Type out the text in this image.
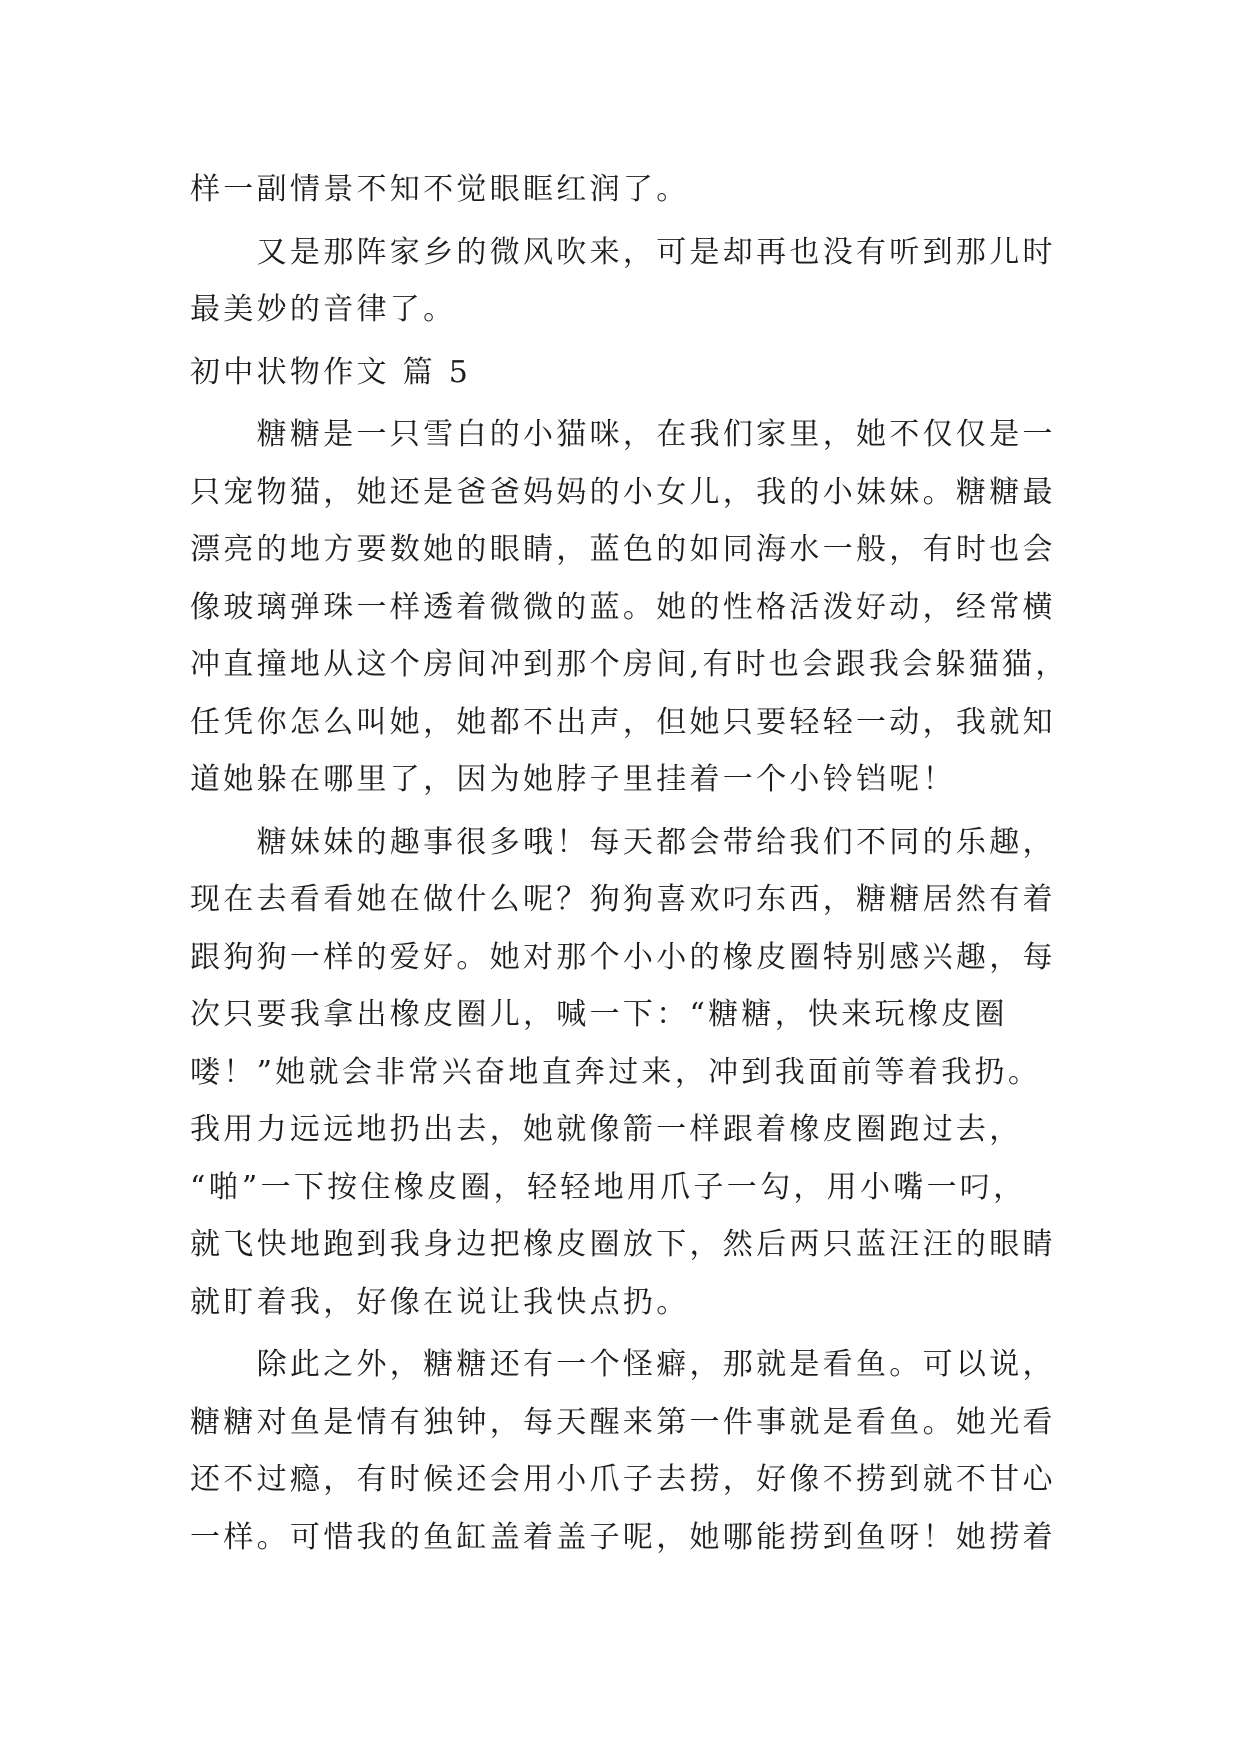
样一副情景不知不觉眼眶红润了。
又是那阵家乡的微风吹来，可是却再也没有听到那儿时
最美妙的音律了。
初中状物作文 篇 5
糖糖是一只雪白的小猫咪，在我们家里，她不仅仅是一
只宠物猫，她还是爸爸妈妈的小女儿，我的小妹妹。糖糖最
漂亮的地方要数她的眼睛，蓝色的如同海水一般，有时也会
像玻璃弹珠一样透着微微的蓝。她的性格活泼好动，经常横
冲直撞地从这个房间冲到那个房间,有时也会跟我会躲猫猫，
任凭你怎么叫她，她都不出声，但她只要轻轻一动，我就知
道她躲在哪里了，因为她脖子里挂着一个小铃铛呢！
糖妹妹的趣事很多哦！每天都会带给我们不同的乐趣，
现在去看看她在做什么呢？狗狗喜欢叼东西，糖糖居然有着
跟狗狗一样的爱好。她对那个小小的橡皮圈特别感兴趣，每
次只要我拿出橡皮圈儿，喊一下：“糖糖，快来玩橡皮圈
喽！”她就会非常兴奋地直奔过来，冲到我面前等着我扔。
我用力远远地扔出去，她就像箭一样跟着橡皮圈跑过去，
“啪”一下按住橡皮圈，轻轻地用爪子一勾，用小嘴一叼，
就飞快地跑到我身边把橡皮圈放下，然后两只蓝汪汪的眼睛
就盯着我，好像在说让我快点扔。
除此之外，糖糖还有一个怪癖，那就是看鱼。可以说，
糖糖对鱼是情有独钟，每天醒来第一件事就是看鱼。她光看
还不过瘾，有时候还会用小爪子去捞，好像不捞到就不甘心
一样。可惜我的鱼缸盖着盖子呢，她哪能捞到鱼呀！她捞着
